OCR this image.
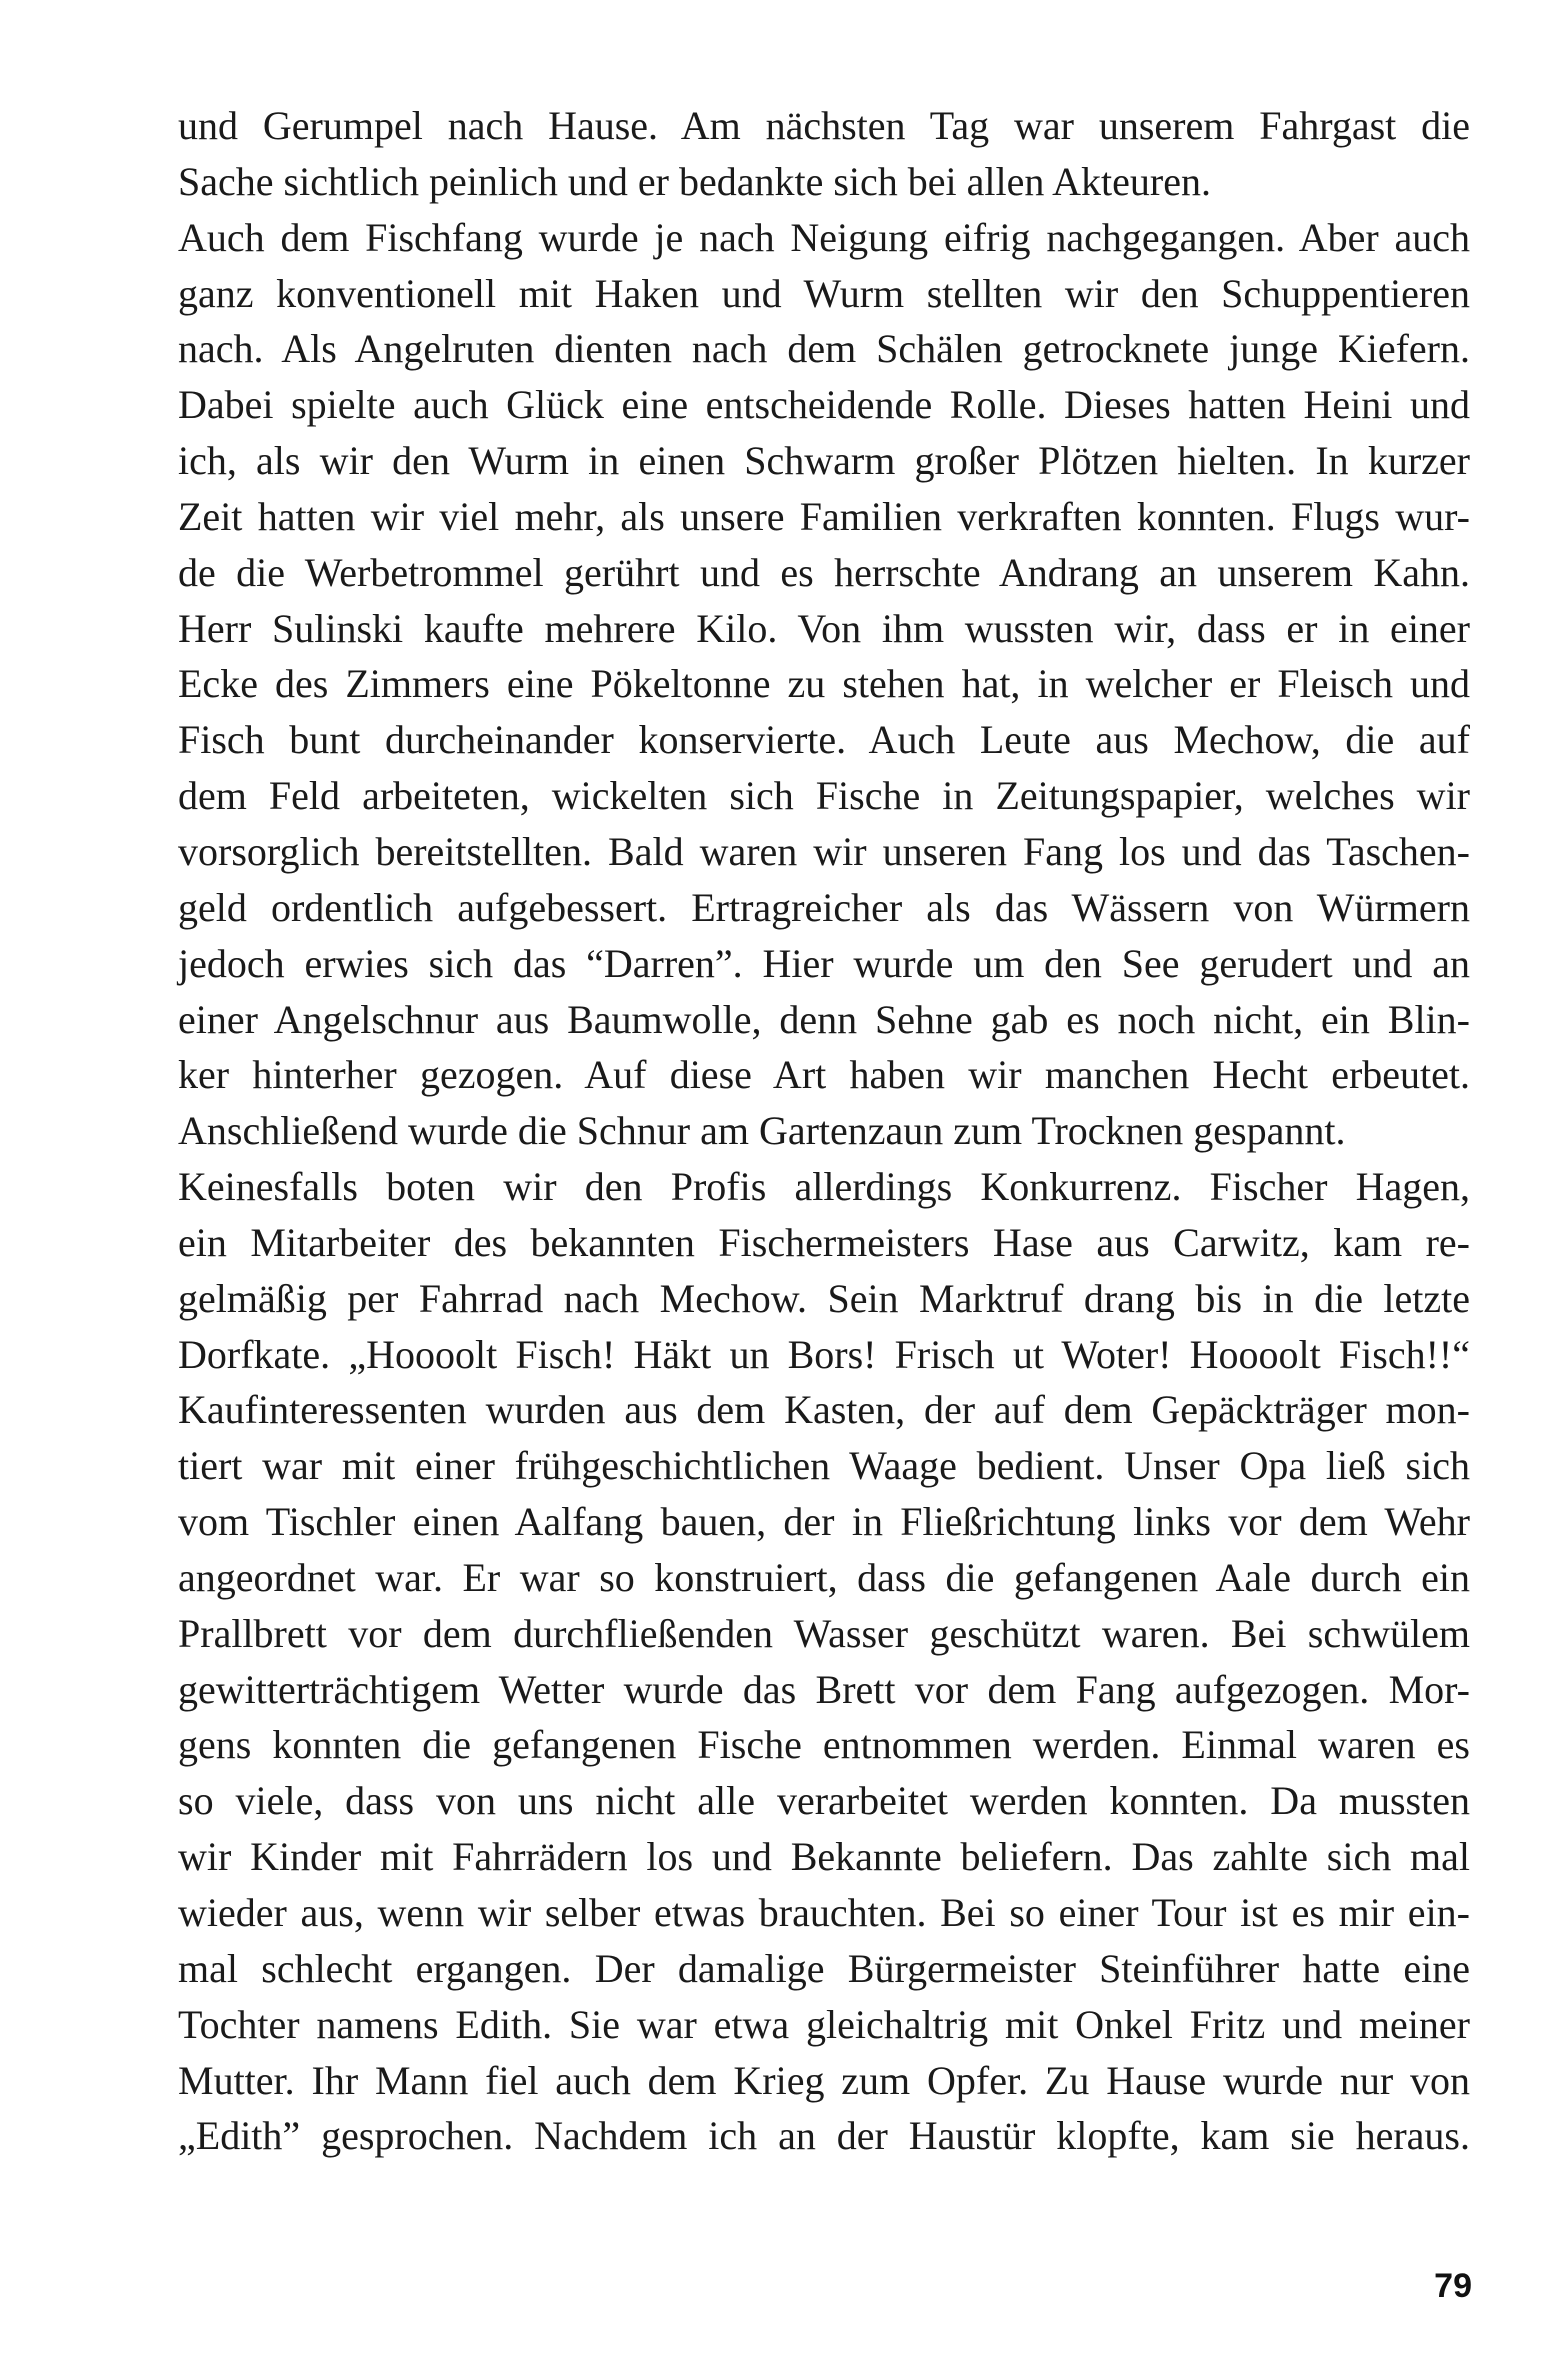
und Gerumpel nach Hause. Am nächsten Tag war unserem Fahrgast die
Sache sichtlich peinlich und er bedankte sich bei allen Akteuren.
Auch dem Fischfang wurde je nach Neigung eifrig nachgegangen. Aber auch
ganz konventionell mit Haken und Wurm stellten wir den Schuppentieren
nach. Als Angelruten dienten nach dem Schälen getrocknete junge Kiefern.
Dabei spielte auch Glück eine entscheidende Rolle. Dieses hatten Heini und
ich, als wir den Wurm in einen Schwarm großer Plötzen hielten. In kurzer
Zeit hatten wir viel mehr, als unsere Familien verkraften konnten. Flugs wur-
de die Werbetrommel gerührt und es herrschte Andrang an unserem Kahn.
Herr Sulinski kaufte mehrere Kilo. Von ihm wussten wir, dass er in einer
Ecke des Zimmers eine Pökeltonne zu stehen hat, in welcher er Fleisch und
Fisch bunt durcheinander konservierte. Auch Leute aus Mechow, die auf
dem Feld arbeiteten, wickelten sich Fische in Zeitungspapier, welches wir
vorsorglich bereitstellten. Bald waren wir unseren Fang los und das Taschen-
geld ordentlich aufgebessert. Ertragreicher als das Wässern von Würmern
jedoch erwies sich das “Darren”. Hier wurde um den See gerudert und an
einer Angelschnur aus Baumwolle, denn Sehne gab es noch nicht, ein Blin-
ker hinterher gezogen. Auf diese Art haben wir manchen Hecht erbeutet.
Anschließend wurde die Schnur am Gartenzaun zum Trocknen gespannt.
Keinesfalls boten wir den Profis allerdings Konkurrenz. Fischer Hagen,
ein Mitarbeiter des bekannten Fischermeisters Hase aus Carwitz, kam re-
gelmäßig per Fahrrad nach Mechow. Sein Marktruf drang bis in die letzte
Dorfkate. „Hoooolt Fisch! Häkt un Bors! Frisch ut Woter! Hoooolt Fisch!!“
Kaufinteressenten wurden aus dem Kasten, der auf dem Gepäckträger mon-
tiert war mit einer frühgeschichtlichen Waage bedient. Unser Opa ließ sich
vom Tischler einen Aalfang bauen, der in Fließrichtung links vor dem Wehr
angeordnet war. Er war so konstruiert, dass die gefangenen Aale durch ein
Prallbrett vor dem durchfließenden Wasser geschützt waren. Bei schwülem
gewitterträchtigem Wetter wurde das Brett vor dem Fang aufgezogen. Mor-
gens konnten die gefangenen Fische entnommen werden. Einmal waren es
so viele, dass von uns nicht alle verarbeitet werden konnten. Da mussten
wir Kinder mit Fahrrädern los und Bekannte beliefern. Das zahlte sich mal
wieder aus, wenn wir selber etwas brauchten. Bei so einer Tour ist es mir ein-
mal schlecht ergangen. Der damalige Bürgermeister Steinführer hatte eine
Tochter namens Edith. Sie war etwa gleichaltrig mit Onkel Fritz und meiner
Mutter. Ihr Mann fiel auch dem Krieg zum Opfer. Zu Hause wurde nur von
„Edith” gesprochen. Nachdem ich an der Haustür klopfte, kam sie heraus.
79
